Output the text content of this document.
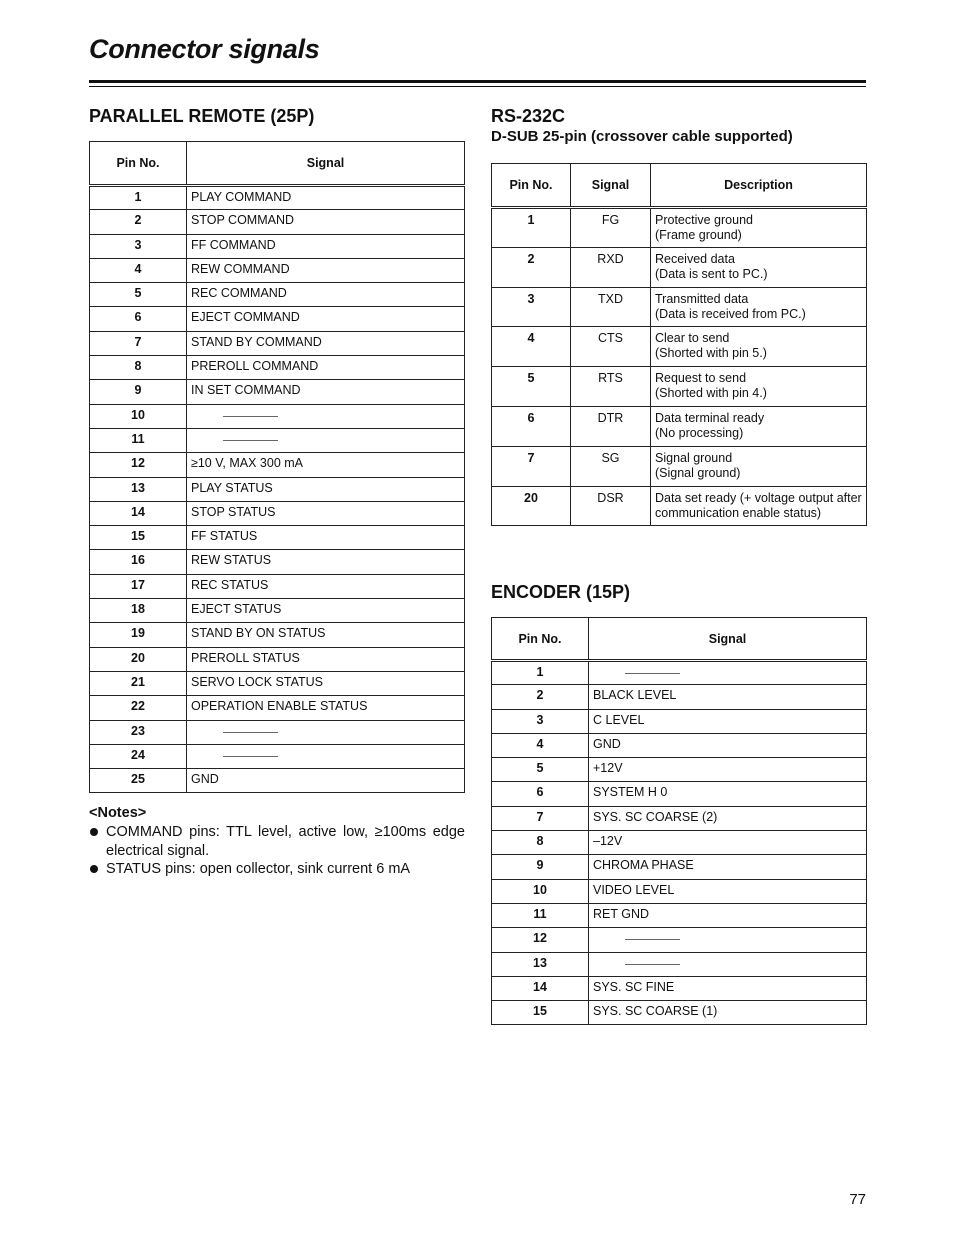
Connector signals
PARALLEL REMOTE (25P)
Pin No.	Signal
1	PLAY COMMAND
2	STOP COMMAND
3	FF COMMAND
4	REW COMMAND
5	REC COMMAND
6	EJECT COMMAND
7	STAND BY COMMAND
8	PREROLL COMMAND
9	IN SET COMMAND
10	
11	
12	≥10 V, MAX 300 mA
13	PLAY STATUS
14	STOP STATUS
15	FF STATUS
16	REW STATUS
17	REC STATUS
18	EJECT STATUS
19	STAND BY ON STATUS
20	PREROLL STATUS
21	SERVO LOCK STATUS
22	OPERATION ENABLE STATUS
23	
24	
25	GND
<Notes>
COMMAND pins: TTL level, active low, ≥100ms edge electrical signal.
STATUS pins: open collector, sink current 6 mA
RS-232C
D-SUB 25-pin (crossover cable supported)
Pin No.	Signal	Description
1	FG	Protective ground
(Frame ground)

2	RXD	Received data
(Data is sent to PC.)

3	TXD	Transmitted data
(Data is received from PC.)

4	CTS	Clear to send
(Shorted with pin 5.)

5	RTS	Request to send
(Shorted with pin 4.)

6	DTR	Data terminal ready
(No processing)

7	SG	Signal ground
(Signal ground)

20	DSR	Data set ready (+ voltage output after
communication enable status)
ENCODER (15P)
Pin No.	Signal
1	
2	BLACK LEVEL
3	C LEVEL
4	GND
5	+12V
6	SYSTEM H 0
7	SYS. SC COARSE (2)
8	–12V
9	CHROMA PHASE
10	VIDEO LEVEL
11	RET GND
12	
13	
14	SYS. SC FINE
15	SYS. SC COARSE (1)
77
